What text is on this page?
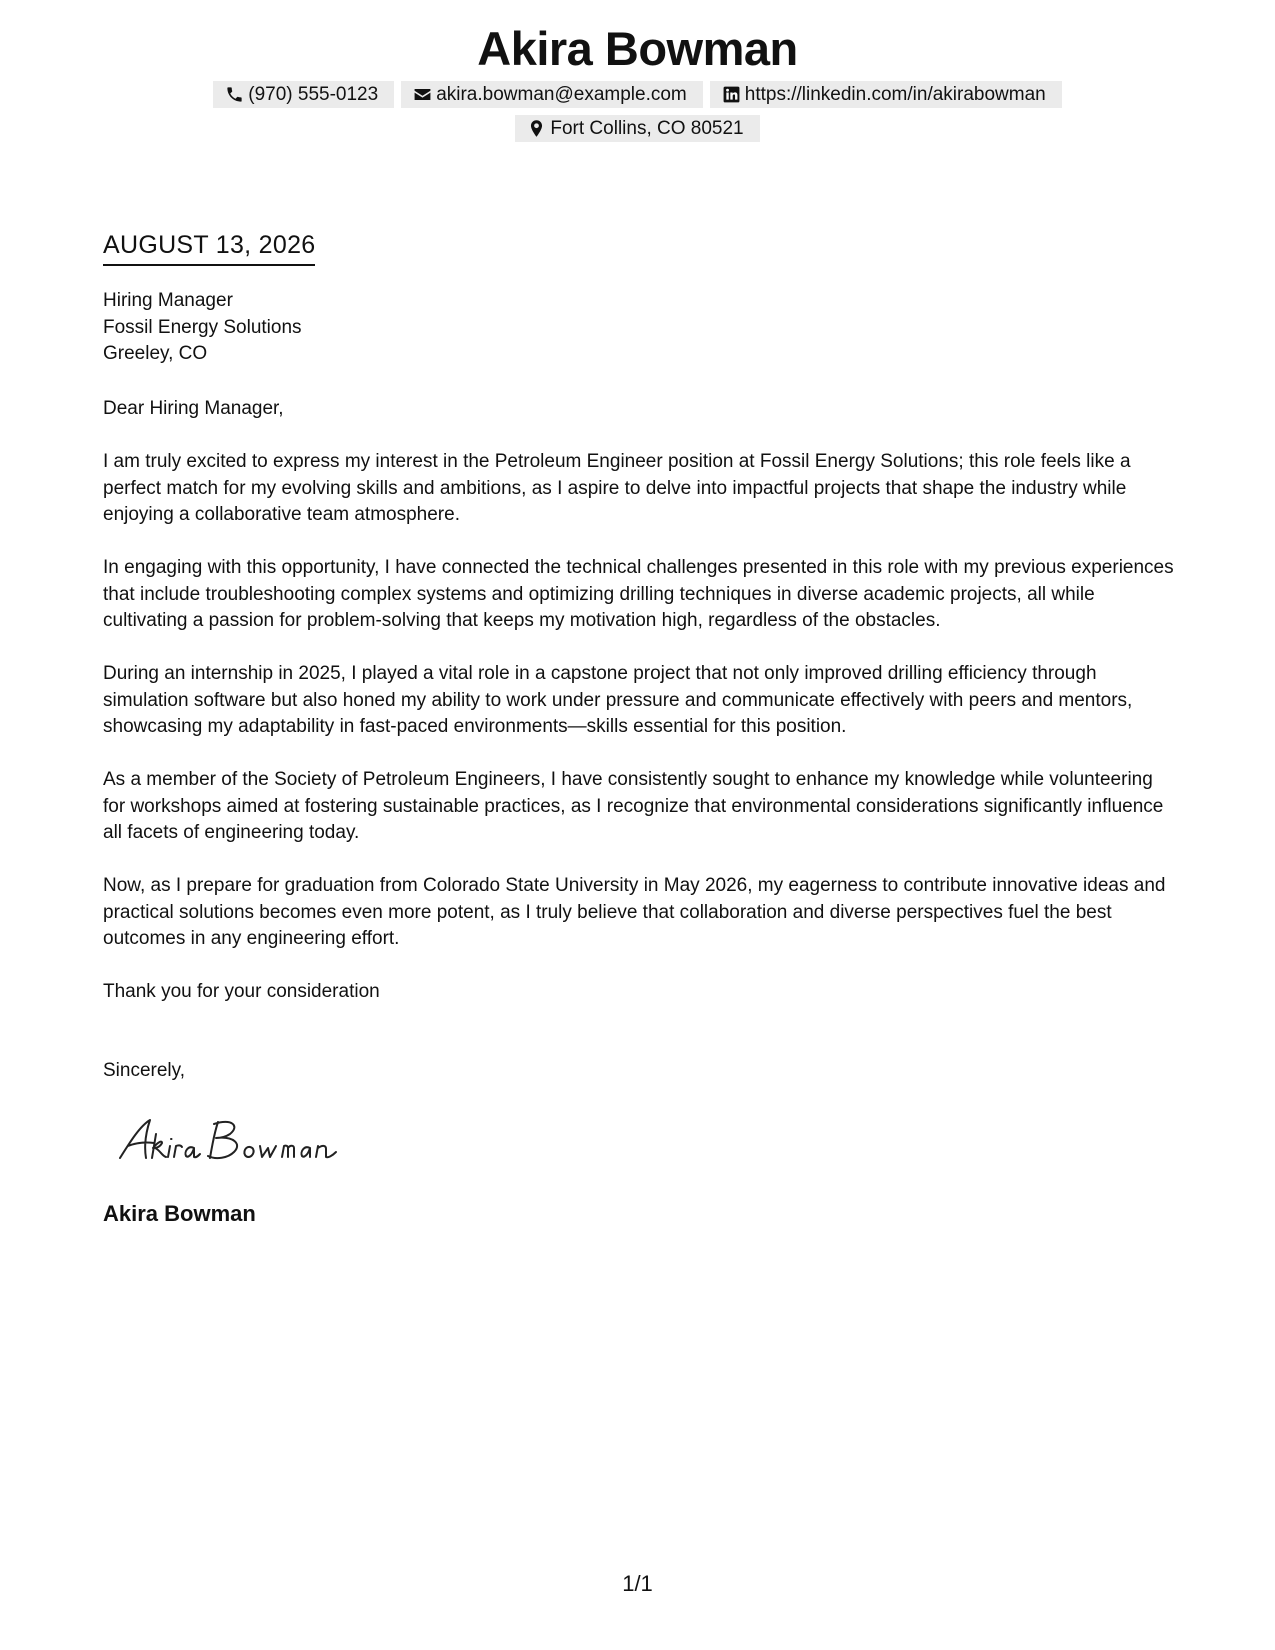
Akira Bowman
(970) 555-0123	akira.bowman@example.com	https://linkedin.com/in/akirabowman
Fort Collins, CO 80521
AUGUST 13, 2026
Hiring Manager
Fossil Energy Solutions
Greeley, CO
Dear Hiring Manager,

I am truly excited to express my interest in the Petroleum Engineer position at Fossil Energy Solutions; this role feels like a perfect match for my evolving skills and ambitions, as I aspire to delve into impactful projects that shape the industry while enjoying a collaborative team atmosphere.

In engaging with this opportunity, I have connected the technical challenges presented in this role with my previous experiences that include troubleshooting complex systems and optimizing drilling techniques in diverse academic projects, all while cultivating a passion for problem-solving that keeps my motivation high, regardless of the obstacles.

During an internship in 2025, I played a vital role in a capstone project that not only improved drilling efficiency through simulation software but also honed my ability to work under pressure and communicate effectively with peers and mentors, showcasing my adaptability in fast-paced environments—skills essential for this position.

As a member of the Society of Petroleum Engineers, I have consistently sought to enhance my knowledge while volunteering for workshops aimed at fostering sustainable practices, as I recognize that environmental considerations significantly influence all facets of engineering today.

Now, as I prepare for graduation from Colorado State University in May 2026, my eagerness to contribute innovative ideas and practical solutions becomes even more potent, as I truly believe that collaboration and diverse perspectives fuel the best outcomes in any engineering effort.

Thank you for your consideration

Sincerely,
Akira Bowman
1/1
